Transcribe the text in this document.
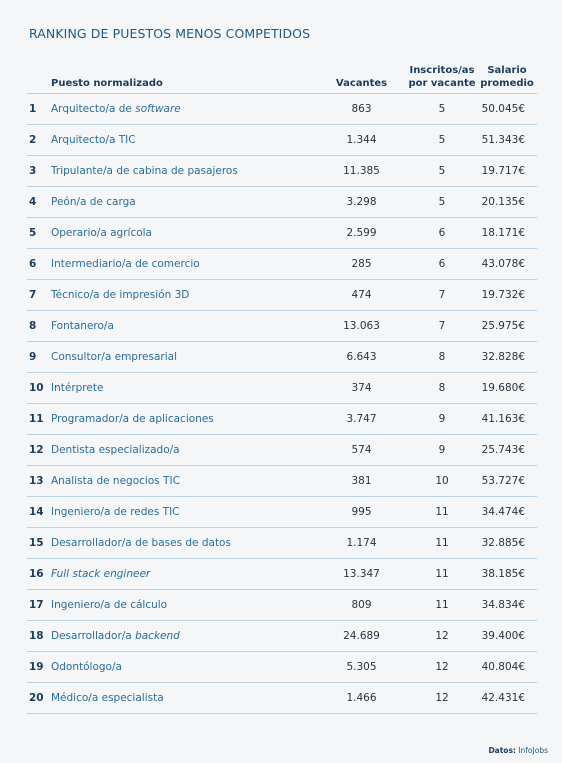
RANKING DE PUESTOS MENOS COMPETIDOS
	Puesto normalizado	Vacantes	Inscritos/as por vacante	Salario promedio
1	Arquitecto/a de software	863	5	50.045€
2	Arquitecto/a TIC	1.344	5	51.343€
3	Tripulante/a de cabina de pasajeros	11.385	5	19.717€
4	Peón/a de carga	3.298	5	20.135€
5	Operario/a agrícola	2.599	6	18.171€
6	Intermediario/a de comercio	285	6	43.078€
7	Técnico/a de impresión 3D	474	7	19.732€
8	Fontanero/a	13.063	7	25.975€
9	Consultor/a empresarial	6.643	8	32.828€
10	Intérprete	374	8	19.680€
11	Programador/a de aplicaciones	3.747	9	41.163€
12	Dentista especializado/a	574	9	25.743€
13	Analista de negocios TIC	381	10	53.727€
14	Ingeniero/a de redes TIC	995	11	34.474€
15	Desarrollador/a de bases de datos	1.174	11	32.885€
16	Full stack engineer	13.347	11	38.185€
17	Ingeniero/a de cálculo	809	11	34.834€
18	Desarrollador/a backend	24.689	12	39.400€
19	Odontólogo/a	5.305	12	40.804€
20	Médico/a especialista	1.466	12	42.431€
Datos: InfoJobs
